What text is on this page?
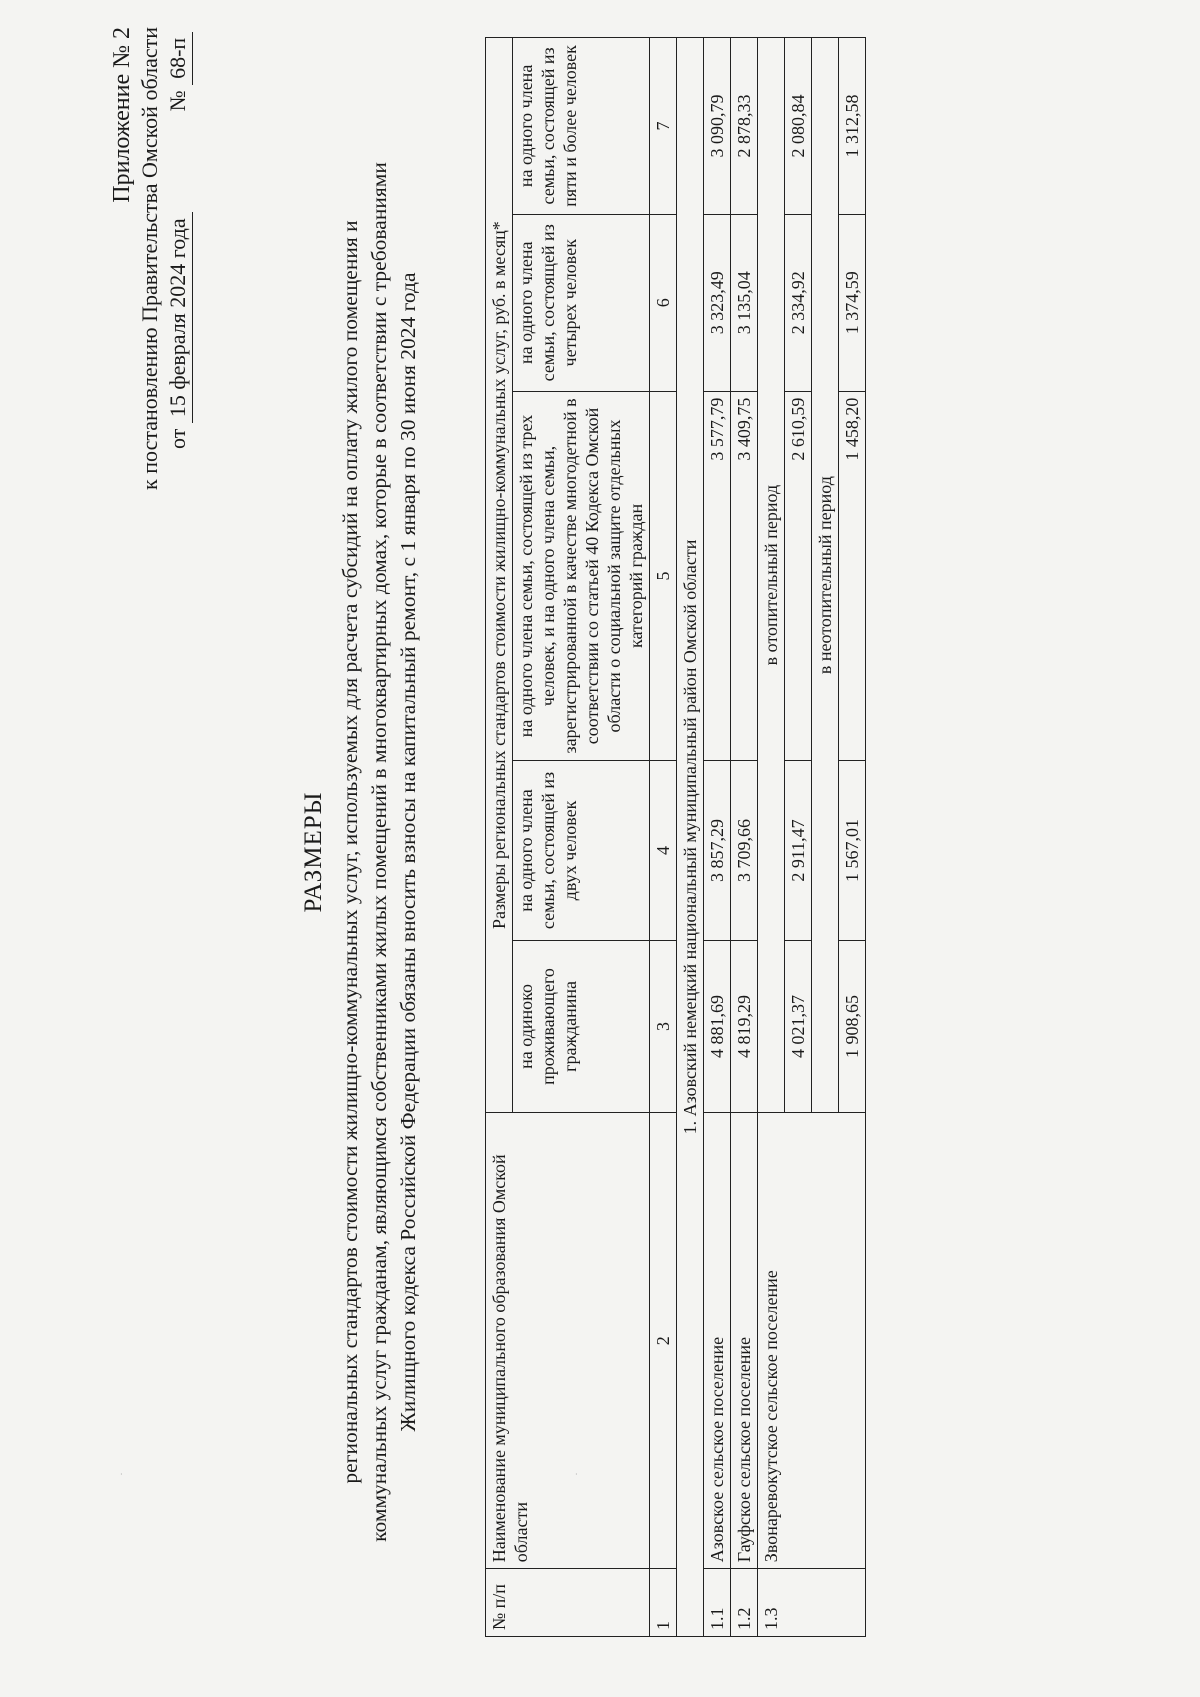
Приложение № 2 к постановлению Правительства Омской области от 15 февраля 2024 года  № 68-п
РАЗМЕРЫ региональных стандартов стоимости жилищно-коммунальных услуг, используемых для расчета субсидий на оплату жилого помещения и коммунальных услуг гражданам, являющимся собственниками жилых помещений в многоквартирных домах, которые в соответствии с требованиями Жилищного кодекса Российской Федерации обязаны вносить взносы на капитальный ремонт, с 1 января по 30 июня 2024 года
№ п/п	Наименование муниципального образования Омской области	Размеры региональных стандартов стоимости жилищно-коммунальных услуг, руб. в месяц*				
		на одиноко проживающего гражданина	на одного члена семьи, состоящей из двух человек	на одного члена семьи, состоящей из трех человек, и на одного члена семьи, зарегистрированной в качестве многодетной в соответствии со статьей 40 Кодекса Омской области о социальной защите отдельных категорий граждан	на одного члена семьи, состоящей из четырех человек	на одного члена семьи, состоящей из пяти и более человек
1	2	3	4	5	6	7
1. Азовский немецкий национальный муниципальный район Омской области						
1.1	Азовское сельское поселение	4 881,69	3 857,29	3 577,79	3 323,49	3 090,79
1.2	Гауфское сельское поселение	4 819,29	3 709,66	3 409,75	3 135,04	2 878,33
1.3	Звонаревокутское сельское поселение	в отопительный период				
		4 021,37	2 911,47	2 610,59	2 334,92	2 080,84
		в неотопительный период				
		1 908,65	1 567,01	1 458,20	1 374,59	1 312,58
·	·
